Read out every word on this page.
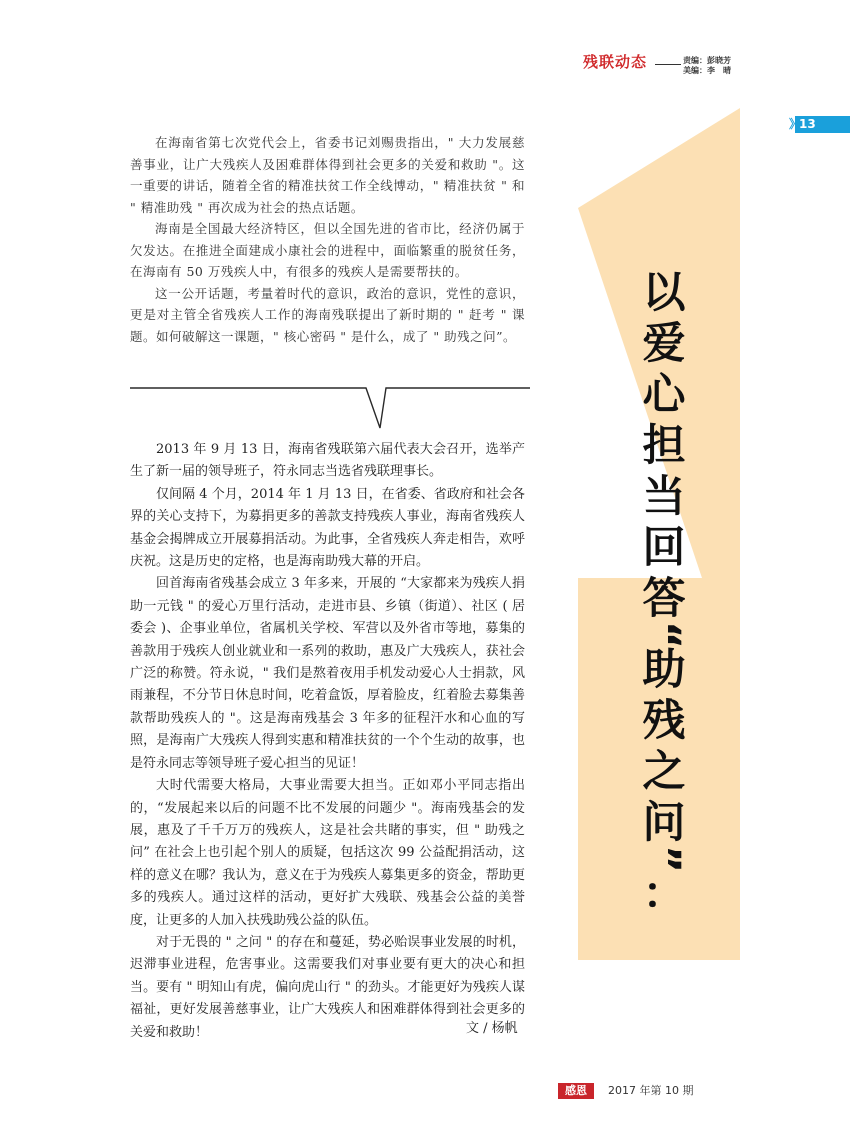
残联动态	责编：彭晓芳
美编：李　晴
》
13

在海南省第七次党代会上，省委书记刘赐贵指出，" 大力发展慈善事业，让广大残疾人及困难群体得到社会更多的关爱和救助 "。这一重要的讲话，随着全省的精准扶贫工作全线博动，" 精准扶贫 " 和 " 精准助残 " 再次成为社会的热点话题。

海南是全国最大经济特区，但以全国先进的省市比，经济仍属于欠发达。在推进全面建成小康社会的进程中，面临繁重的脱贫任务，在海南有 50 万残疾人中，有很多的残疾人是需要帮扶的。

这一公开话题，考量着时代的意识，政治的意识，党性的意识，更是对主管全省残疾人工作的海南残联提出了新时期的 " 赶考 " 课题。如何破解这一课题，" 核心密码 " 是什么，成了 " 助残之问”。

2013 年 9 月 13 日，海南省残联第六届代表大会召开，选举产生了新一届的领导班子，符永同志当选省残联理事长。

仅间隔 4 个月，2014 年 1 月 13 日，在省委、省政府和社会各界的关心支持下，为募捐更多的善款支持残疾人事业，海南省残疾人基金会揭牌成立开展募捐活动。为此事，全省残疾人奔走相告，欢呼庆祝。这是历史的定格，也是海南助残大幕的开启。

回首海南省残基会成立 3 年多来，开展的 “大家都来为残疾人捐助一元钱 " 的爱心万里行活动，走进市县、乡镇（街道）、社区 ( 居委会 )、企事业单位，省属机关学校、军营以及外省市等地，募集的善款用于残疾人创业就业和一系列的救助，惠及广大残疾人，获社会广泛的称赞。符永说，" 我们是熬着夜用手机发动爱心人士捐款，风雨兼程，不分节日休息时间，吃着盒饭，厚着脸皮，红着脸去募集善款帮助残疾人的 "。这是海南残基会 3 年多的征程汗水和心血的写照，是海南广大残疾人得到实惠和精准扶贫的一个个生动的故事，也是符永同志等领导班子爱心担当的见证！

大时代需要大格局，大事业需要大担当。正如邓小平同志指出的，“发展起来以后的问题不比不发展的问题少 "。海南残基会的发展，惠及了千千万万的残疾人，这是社会共睹的事实，但 " 助残之问” 在社会上也引起个别人的质疑，包括这次 99 公益配捐活动，这样的意义在哪？我认为，意义在于为残疾人募集更多的资金，帮助更多的残疾人。通过这样的活动，更好扩大残联、残基会公益的美誉度，让更多的人加入扶残助残公益的队伍。

对于无畏的 " 之问 " 的存在和蔓延，势必贻误事业发展的时机，迟滞事业进程，危害事业。这需要我们对事业要有更大的决心和担当。要有 " 明知山有虎，偏向虎山行 " 的劲头。才能更好为残疾人谋福祉，更好发展善慈事业，让广大残疾人和困难群体得到社会更多的关爱和救助！	文 / 杨帆
以
爱
心
担
当
回
答
“
助
残
之
问
”
：
感恩	2017 年第 10 期
